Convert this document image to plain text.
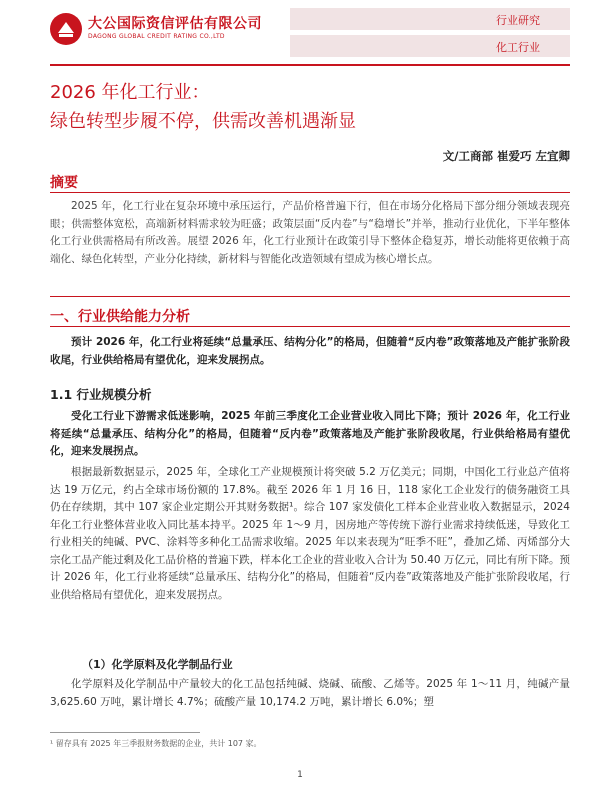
大公国际资信评估有限公司
DAGONG GLOBAL CREDIT RATING CO.,LTD
行业研究
化工行业
2026 年化工行业：
绿色转型步履不停，供需改善机遇渐显
文/工商部 崔爱巧 左宜卿
摘要

2025 年，化工行业在复杂环境中承压运行，产品价格普遍下行，但在市场分化格局下部分细分领域表现亮眼；供需整体宽松，高端新材料需求较为旺盛；政策层面“反内卷”与“稳增长”并举，推动行业优化，下半年整体化工行业供需格局有所改善。展望 2026 年，化工行业预计在政策引导下整体企稳复苏，增长动能将更依赖于高端化、绿色化转型，产业分化持续，新材料与智能化改造领域有望成为核心增长点。

一、行业供给能力分析

预计 2026 年，化工行业将延续“总量承压、结构分化”的格局，但随着“反内卷”政策落地及产能扩张阶段收尾，行业供给格局有望优化，迎来发展拐点。

1.1 行业规模分析

受化工行业下游需求低迷影响，2025 年前三季度化工企业营业收入同比下降；预计 2026 年，化工行业将延续“总量承压、结构分化”的格局，但随着“反内卷”政策落地及产能扩张阶段收尾，行业供给格局有望优化，迎来发展拐点。

根据最新数据显示，2025 年，全球化工产业规模预计将突破 5.2 万亿美元；同期，中国化工行业总产值将达 19 万亿元，约占全球市场份额的 17.8%。截至 2026 年 1 月 16 日，118 家化工企业发行的债务融资工具仍在存续期，其中 107 家企业定期公开其财务数据¹。综合 107 家发债化工样本企业营业收入数据显示，2024 年化工行业整体营业收入同比基本持平。2025 年 1～9 月，因房地产等传统下游行业需求持续低迷，导致化工行业相关的纯碱、PVC、涂料等多种化工品需求收缩。2025 年以来表现为“旺季不旺”，叠加乙烯、丙烯部分大宗化工品产能过剩及化工品价格的普遍下跌，样本化工企业的营业收入合计为 50.40 万亿元，同比有所下降。预计 2026 年，化工行业将延续“总量承压、结构分化”的格局，但随着“反内卷”政策落地及产能扩张阶段收尾，行业供给格局有望优化，迎来发展拐点。

（1）化学原料及化学制品行业

化学原料及化学制品中产量较大的化工品包括纯碱、烧碱、硫酸、乙烯等。2025 年 1～11 月，纯碱产量 3,625.60 万吨，累计增长 4.7%；硫酸产量 10,174.2 万吨，累计增长 6.0%；塑

¹ 留存具有 2025 年三季报财务数据的企业，共计 107 家。
1
